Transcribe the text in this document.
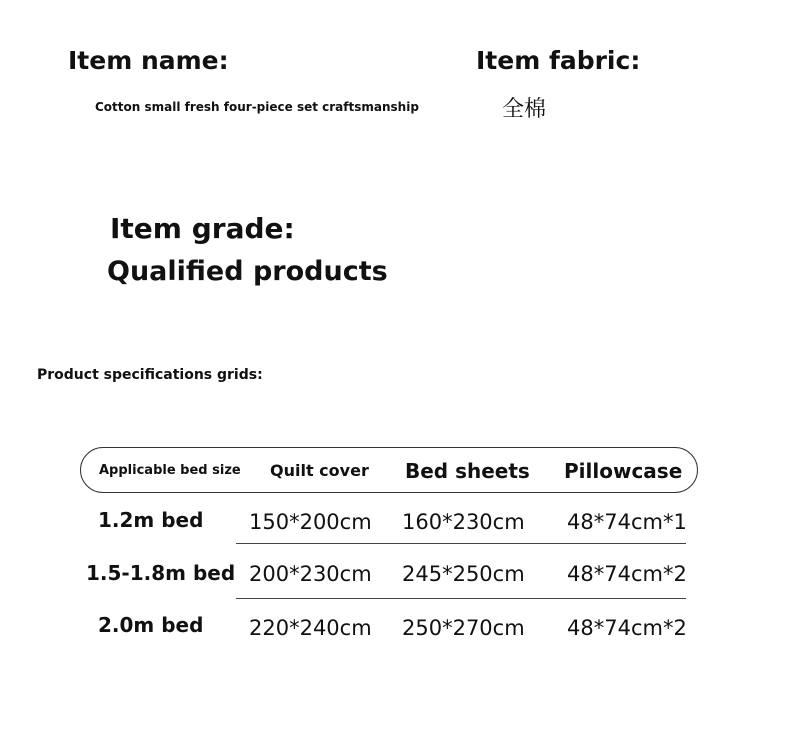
Item name:
Cotton small fresh four-piece set craftsmanship
Item fabric:
全棉
Item grade:
Qualified products
Product specifications grids:
Applicable bed size Quilt cover Bed sheets Pillowcase
1.2m bed 150*200cm 160*230cm 48*74cm*1
1.5-1.8m bed 200*230cm 245*250cm 48*74cm*2
2.0m bed 220*240cm 250*270cm 48*74cm*2
